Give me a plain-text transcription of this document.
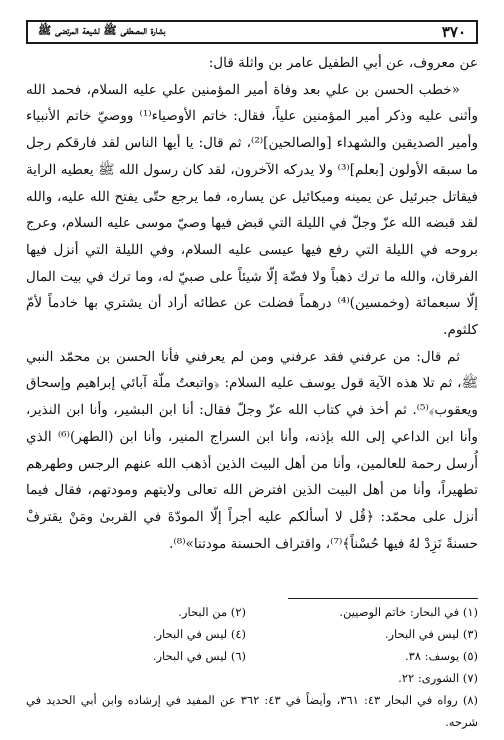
٣٧٠
بشارة المصطفى ﷺ لشيعة المرتضى ﷺ

عن معروف، عن أبي الطفيل عامر بن واثلة قال:

«خطب الحسن بن علي بعد وفاة أمير المؤمنين علي عليه السلام، فحمد الله وأثنى عليه وذكر أمير المؤمنين علياً، فقال: خاتم الأوصياء⁽¹⁾ ووصيّ خاتم الأنبياء وأمير الصديقين والشهداء [والصالحين]⁽²⁾، ثم قال: يا أيها الناس لقد فارقكم رجل ما سبقه الأولون [بعلم]⁽³⁾ ولا يدركه الآخرون، لقد كان رسول الله ﷺ يعطيه الراية فيقاتل جبرئيل عن يمينه وميكائيل عن يساره، فما يرجع حتّى يفتح الله عليه، والله لقد قبضه الله عزّ وجلّ في الليلة التي قبض فيها وصيّ موسى عليه السلام، وعرج بروحه في الليلة التي رفع فيها عيسى عليه السلام، وفي الليلة التي أنزل فيها الفرقان، والله ما ترك ذهباً ولا فضّة إلّا شيئاً على صبيّ له، وما ترك في بيت المال إلّا سبعمائة (وخمسين)⁽⁴⁾ درهماً فضلت عن عطائه أراد أن يشتري بها خادماً لأمّ كلثوم.

ثم قال: من عرفني فقد عرفني ومن لم يعرفني فأنا الحسن بن محمّد النبي ﷺ، ثم تلا هذه الآية قول يوسف عليه السلام: ﴿واتبعتُ ملّة آبائي إبراهيم وإسحاق ويعقوب﴾⁽⁵⁾. ثم أخذ في كتاب الله عزّ وجلّ فقال: أنا ابن البشير، وأنا ابن النذير، وأنا ابن الداعي إلى الله بإذنه، وأنا ابن السراج المنير، وأنا ابن (الطهر)⁽⁶⁾ الذي أُرسل رحمة للعالمين، وأنا من أهل البيت الذين أذهب الله عنهم الرجس وطهرهم تطهيراً، وأنا من أهل البيت الذين افترض الله تعالى ولايتهم ومودتهم، فقال فيما أنزل على محمّد: ﴿قُل لا أسألكم عليه أجراً إلّا المودّةَ في القربىٰ ومَنْ يقترفْ حسنةً نَزِدْ لهُ فيها حُسْناً﴾⁽⁷⁾، واقتراف الحسنة مودتنا»⁽⁸⁾.

(١) في البحار: خاتم الوصيين.
(٢) من البحار.
(٣) ليس في البحار.
(٤) ليس في البحار.
(٥) يوسف: ٣٨.
(٦) ليس في البحار.
(٧) الشورى: ٢٢.
(٨) رواه في البحار ٤٣: ٣٦١، وأيضاً في ٤٣: ٣٦٢ عن المفيد في إرشاده وابن أبي الحديد في شرحه.
